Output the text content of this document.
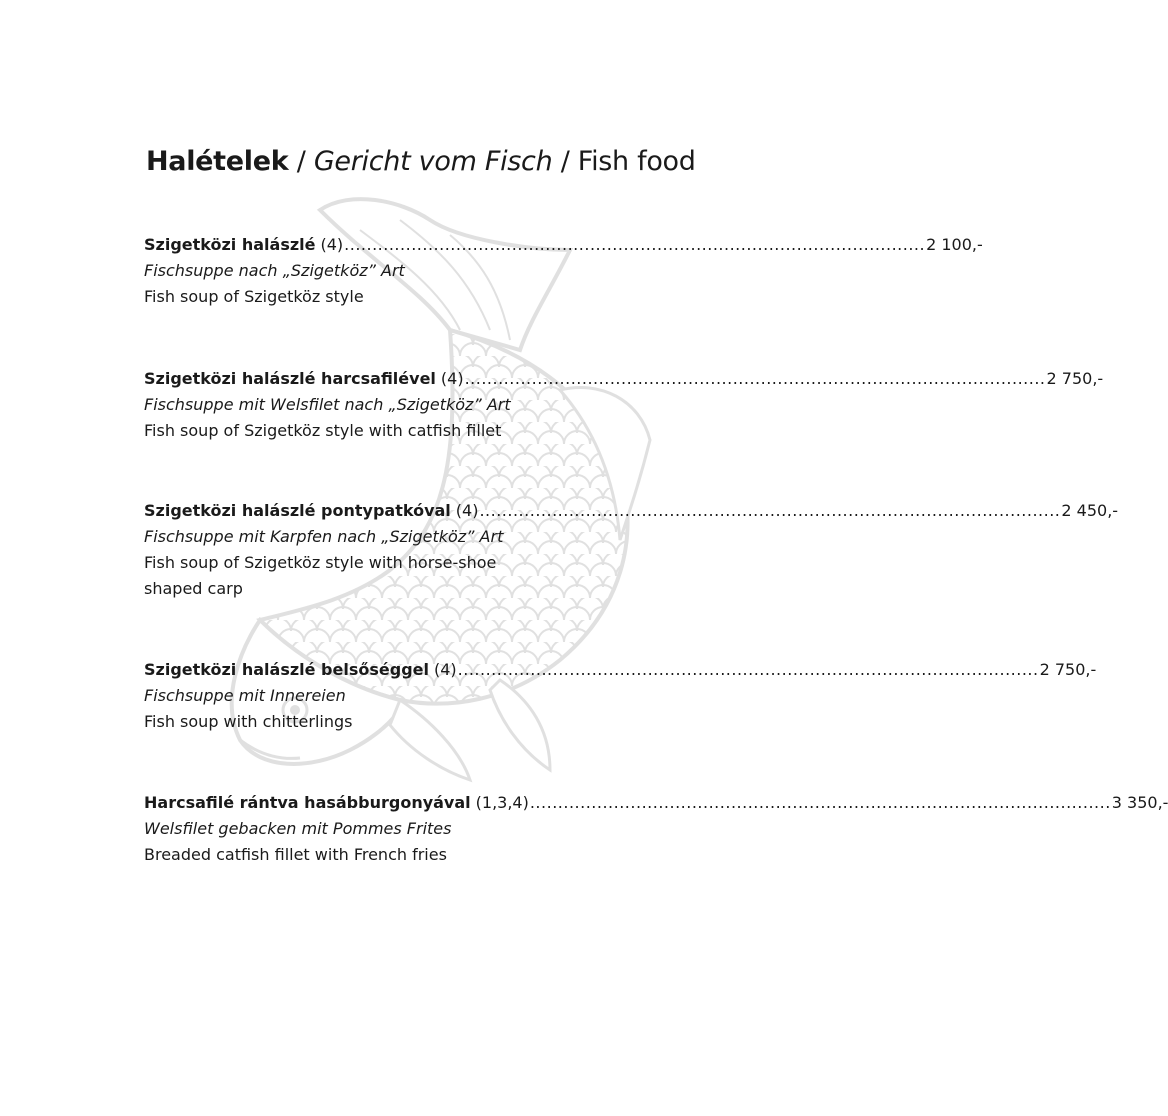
Halételek / Gericht vom Fisch / Fish food
Szigetközi halászlé (4) ........................................................................................................ 2 100,-
Fischsuppe nach „Szigetköz” Art
Fish soup of Szigetköz style
Szigetközi halászlé harcsafilével (4) ........................................................................................................ 2 750,-
Fischsuppe mit Welsfilet nach „Szigetköz” Art
Fish soup of Szigetköz style with catfish fillet
Szigetközi halászlé pontypatkóval (4) ........................................................................................................ 2 450,-
Fischsuppe mit Karpfen nach „Szigetköz” Art
Fish soup of Szigetköz style with horse-shoe shaped carp
Szigetközi halászlé belsőséggel (4) ........................................................................................................ 2 750,-
Fischsuppe mit Innereien
Fish soup with chitterlings
Harcsafilé rántva hasábburgonyával (1,3,4) ........................................................................................................ 3 350,-
Welsfilet gebacken mit Pommes Frites
Breaded catfish fillet with French fries
